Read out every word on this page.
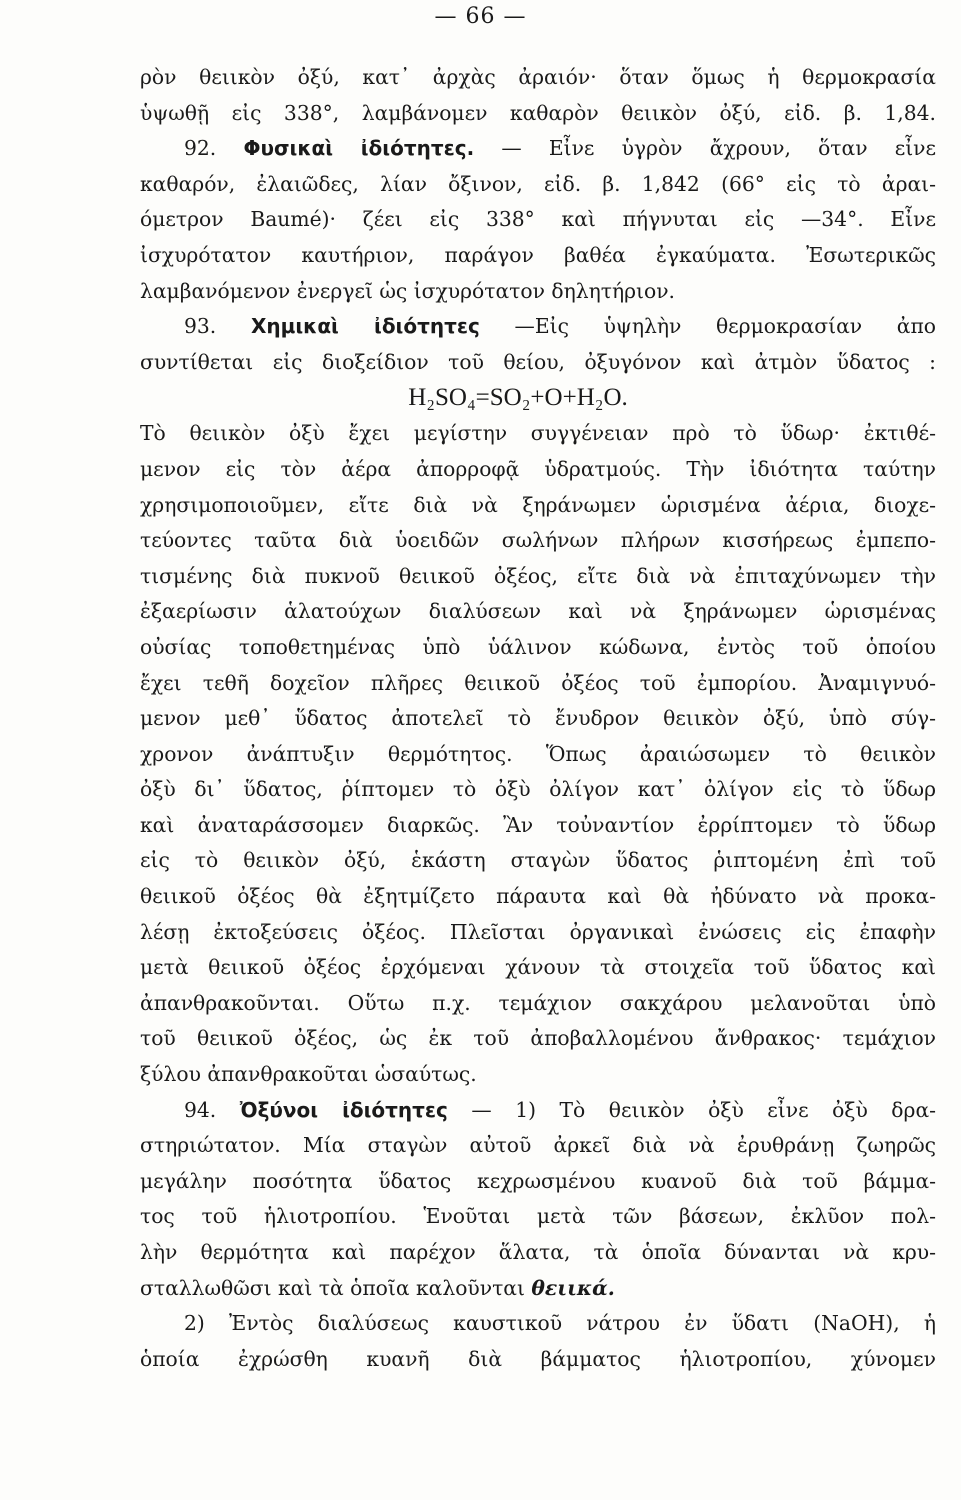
— 66 —
ρὸν θειικὸν ὀξύ, κατ᾽ ἀρχὰς ἀραιόν· ὅταν ὅμως ἡ θερμοκρασία
ὑψωθῇ εἰς 338°, λαμβάνομεν καθαρὸν θειικὸν ὀξύ, εἰδ. β. 1,84.
92. Φυσικαὶ ἰδιότητες. — Εἶνε ὑγρὸν ἄχρουν, ὅταν εἶνε
καθαρόν, ἐλαιῶδες, λίαν ὄξινον, εἰδ. β. 1,842 (66° εἰς τὸ ἀραι-
όμετρον Baumé)· ζέει εἰς 338° καὶ πήγνυται εἰς —34°. Εἶνε
ἰσχυρότατον καυτήριον, παράγον βαθέα ἐγκαύματα. Ἐσωτερικῶς
λαμβανόμενον ἐνεργεῖ ὡς ἰσχυρότατον δηλητήριον.
93. Χημικαὶ ἰδιότητες —Εἰς ὑψηλὴν θερμοκρασίαν ἀπο
συντίθεται εἰς διοξείδιον τοῦ θείου, ὀξυγόνον καὶ ἀτμὸν ὕδατος :
H₂SO₄=SO₂+O+H₂O.
Τὸ θειικὸν ὀξὺ ἔχει μεγίστην συγγένειαν πρὸ τὸ ὕδωρ· ἐκτιθέ-
μενον εἰς τὸν ἀέρα ἀπορροφᾷ ὑδρατμούς. Τὴν ἰδιότητα ταύτην
χρησιμοποιοῦμεν, εἴτε διὰ νὰ ξηράνωμεν ὡρισμένα ἀέρια, διοχε-
τεύοντες ταῦτα διὰ ὑοειδῶν σωλήνων πλήρων κισσήρεως ἐμπεπο-
τισμένης διὰ πυκνοῦ θειικοῦ ὀξέος, εἴτε διὰ νὰ ἐπιταχύνωμεν τὴν
ἐξαερίωσιν ἁλατούχων διαλύσεων καὶ νὰ ξηράνωμεν ὡρισμένας
οὐσίας τοποθετημένας ὑπὸ ὑάλινον κώδωνα, ἐντὸς τοῦ ὁποίου
ἔχει τεθῆ δοχεῖον πλῆρες θειικοῦ ὀξέος τοῦ ἐμπορίου. Ἀναμιγνυό-
μενον μεθ᾽ ὕδατος ἀποτελεῖ τὸ ἔνυδρον θειικὸν ὀξύ, ὑπὸ σύγ-
χρονον ἀνάπτυξιν θερμότητος. Ὅπως ἀραιώσωμεν τὸ θειικὸν
ὀξὺ δι᾽ ὕδατος, ῥίπτομεν τὸ ὀξὺ ὀλίγον κατ᾽ ὀλίγον εἰς τὸ ὕδωρ
καὶ ἀναταράσσομεν διαρκῶς. Ἂν τοὐναντίον ἐρρίπτομεν τὸ ὕδωρ
εἰς τὸ θειικὸν ὀξύ, ἑκάστη σταγὼν ὕδατος ῥιπτομένη ἐπὶ τοῦ
θειικοῦ ὀξέος θὰ ἐξητμίζετο πάραυτα καὶ θὰ ἠδύνατο νὰ προκα-
λέσῃ ἐκτοξεύσεις ὀξέος. Πλεῖσται ὀργανικαὶ ἐνώσεις εἰς ἐπαφὴν
μετὰ θειικοῦ ὀξέος ἐρχόμεναι χάνουν τὰ στοιχεῖα τοῦ ὕδατος καὶ
ἀπανθρακοῦνται. Οὕτω π.χ. τεμάχιον σακχάρου μελανοῦται ὑπὸ
τοῦ θειικοῦ ὀξέος, ὡς ἐκ τοῦ ἀποβαλλομένου ἄνθρακος· τεμάχιον
ξύλου ἀπανθρακοῦται ὡσαύτως.
94. Ὀξύνοι ἰδιότητες — 1) Τὸ θειικὸν ὀξὺ εἶνε ὀξὺ δρα-
στηριώτατον. Μία σταγὼν αὐτοῦ ἀρκεῖ διὰ νὰ ἐρυθράνῃ ζωηρῶς
μεγάλην ποσότητα ὕδατος κεχρωσμένου κυανοῦ διὰ τοῦ βάμμα-
τος τοῦ ἡλιοτροπίου. Ἑνοῦται μετὰ τῶν βάσεων, ἐκλῦον πολ-
λὴν θερμότητα καὶ παρέχον ἅλατα, τὰ ὁποῖα δύνανται νὰ κρυ-
σταλλωθῶσι καὶ τὰ ὁποῖα καλοῦνται θειικά.
2) Ἐντὸς διαλύσεως καυστικοῦ νάτρου ἐν ὕδατι (NaOH), ἡ
ὁποία ἐχρώσθη κυανῆ διὰ βάμματος ἡλιοτροπίου, χύνομεν
